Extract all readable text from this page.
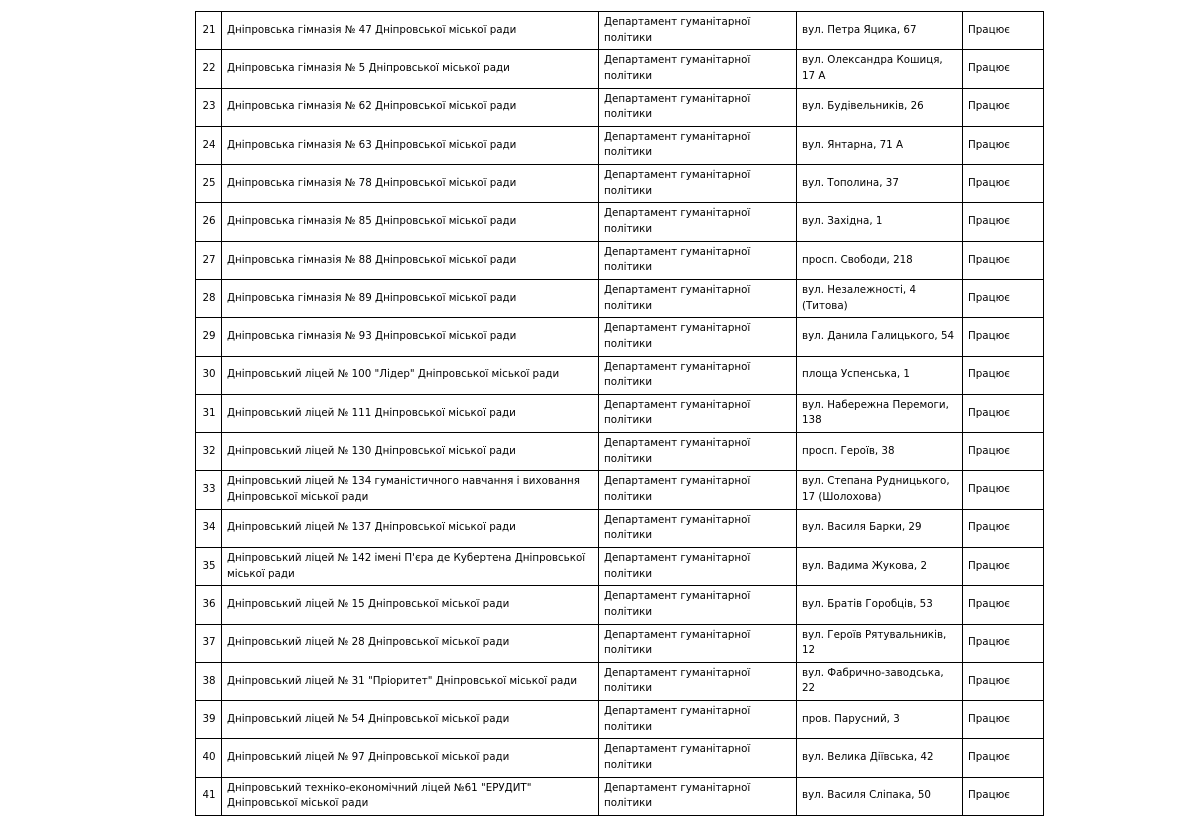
21	Дніпровська гімназія № 47 Дніпровської міської ради	Департамент гуманітарної
політики	вул. Петра Яцика, 67	Працює
22	Дніпровська гімназія № 5 Дніпровської міської ради	Департамент гуманітарної
політики	вул. Олександра Кошиця, 17 А	Працює
23	Дніпровська гімназія № 62 Дніпровської міської ради	Департамент гуманітарної
політики	вул. Будівельників, 26	Працює
24	Дніпровська гімназія № 63 Дніпровської міської ради	Департамент гуманітарної
політики	вул. Янтарна, 71 А	Працює
25	Дніпровська гімназія № 78 Дніпровської міської ради	Департамент гуманітарної
політики	вул. Тополина, 37	Працює
26	Дніпровська гімназія № 85 Дніпровської міської ради	Департамент гуманітарної
політики	вул. Західна, 1	Працює
27	Дніпровська гімназія № 88 Дніпровської міської ради	Департамент гуманітарної
політики	просп. Свободи, 218	Працює
28	Дніпровська гімназія № 89 Дніпровської міської ради	Департамент гуманітарної
політики	вул. Незалежності, 4 (Титова)	Працює
29	Дніпровська гімназія № 93 Дніпровської міської ради	Департамент гуманітарної
політики	вул. Данила Галицького, 54	Працює
30	Дніпровський ліцей № 100 "Лідер" Дніпровської міської ради	Департамент гуманітарної
політики	площа Успенська, 1	Працює
31	Дніпровський ліцей № 111 Дніпровської міської ради	Департамент гуманітарної
політики	вул. Набережна Перемоги, 138	Працює
32	Дніпровський ліцей № 130 Дніпровської міської ради	Департамент гуманітарної
політики	просп. Героїв, 38	Працює
33	Дніпровський ліцей № 134 гуманістичного навчання і виховання Дніпровської міської ради	Департамент гуманітарної
політики	вул. Степана Рудницького, 17 (Шолохова)	Працює
34	Дніпровський ліцей № 137 Дніпровської міської ради	Департамент гуманітарної
політики	вул. Василя Барки, 29	Працює
35	Дніпровський ліцей № 142 імені П'єра де Кубертена Дніпровської міської ради	Департамент гуманітарної
політики	вул. Вадима Жукова, 2	Працює
36	Дніпровський ліцей № 15 Дніпровської міської ради	Департамент гуманітарної
політики	вул. Братів Горобців, 53	Працює
37	Дніпровський ліцей № 28 Дніпровської міської ради	Департамент гуманітарної
політики	вул. Героїв Рятувальників, 12	Працює
38	Дніпровський ліцей № 31 "Пріоритет" Дніпровської міської ради	Департамент гуманітарної
політики	вул. Фабрично-заводська, 22	Працює
39	Дніпровський ліцей № 54 Дніпровської міської ради	Департамент гуманітарної
політики	пров. Парусний, 3	Працює
40	Дніпровський ліцей № 97 Дніпровської міської ради	Департамент гуманітарної
політики	вул. Велика Діївська, 42	Працює
41	Дніпровський техніко-економічний ліцей №61 "ЕРУДИТ" Дніпровської міської ради	Департамент гуманітарної
політики	вул. Василя Сліпака, 50	Працює
